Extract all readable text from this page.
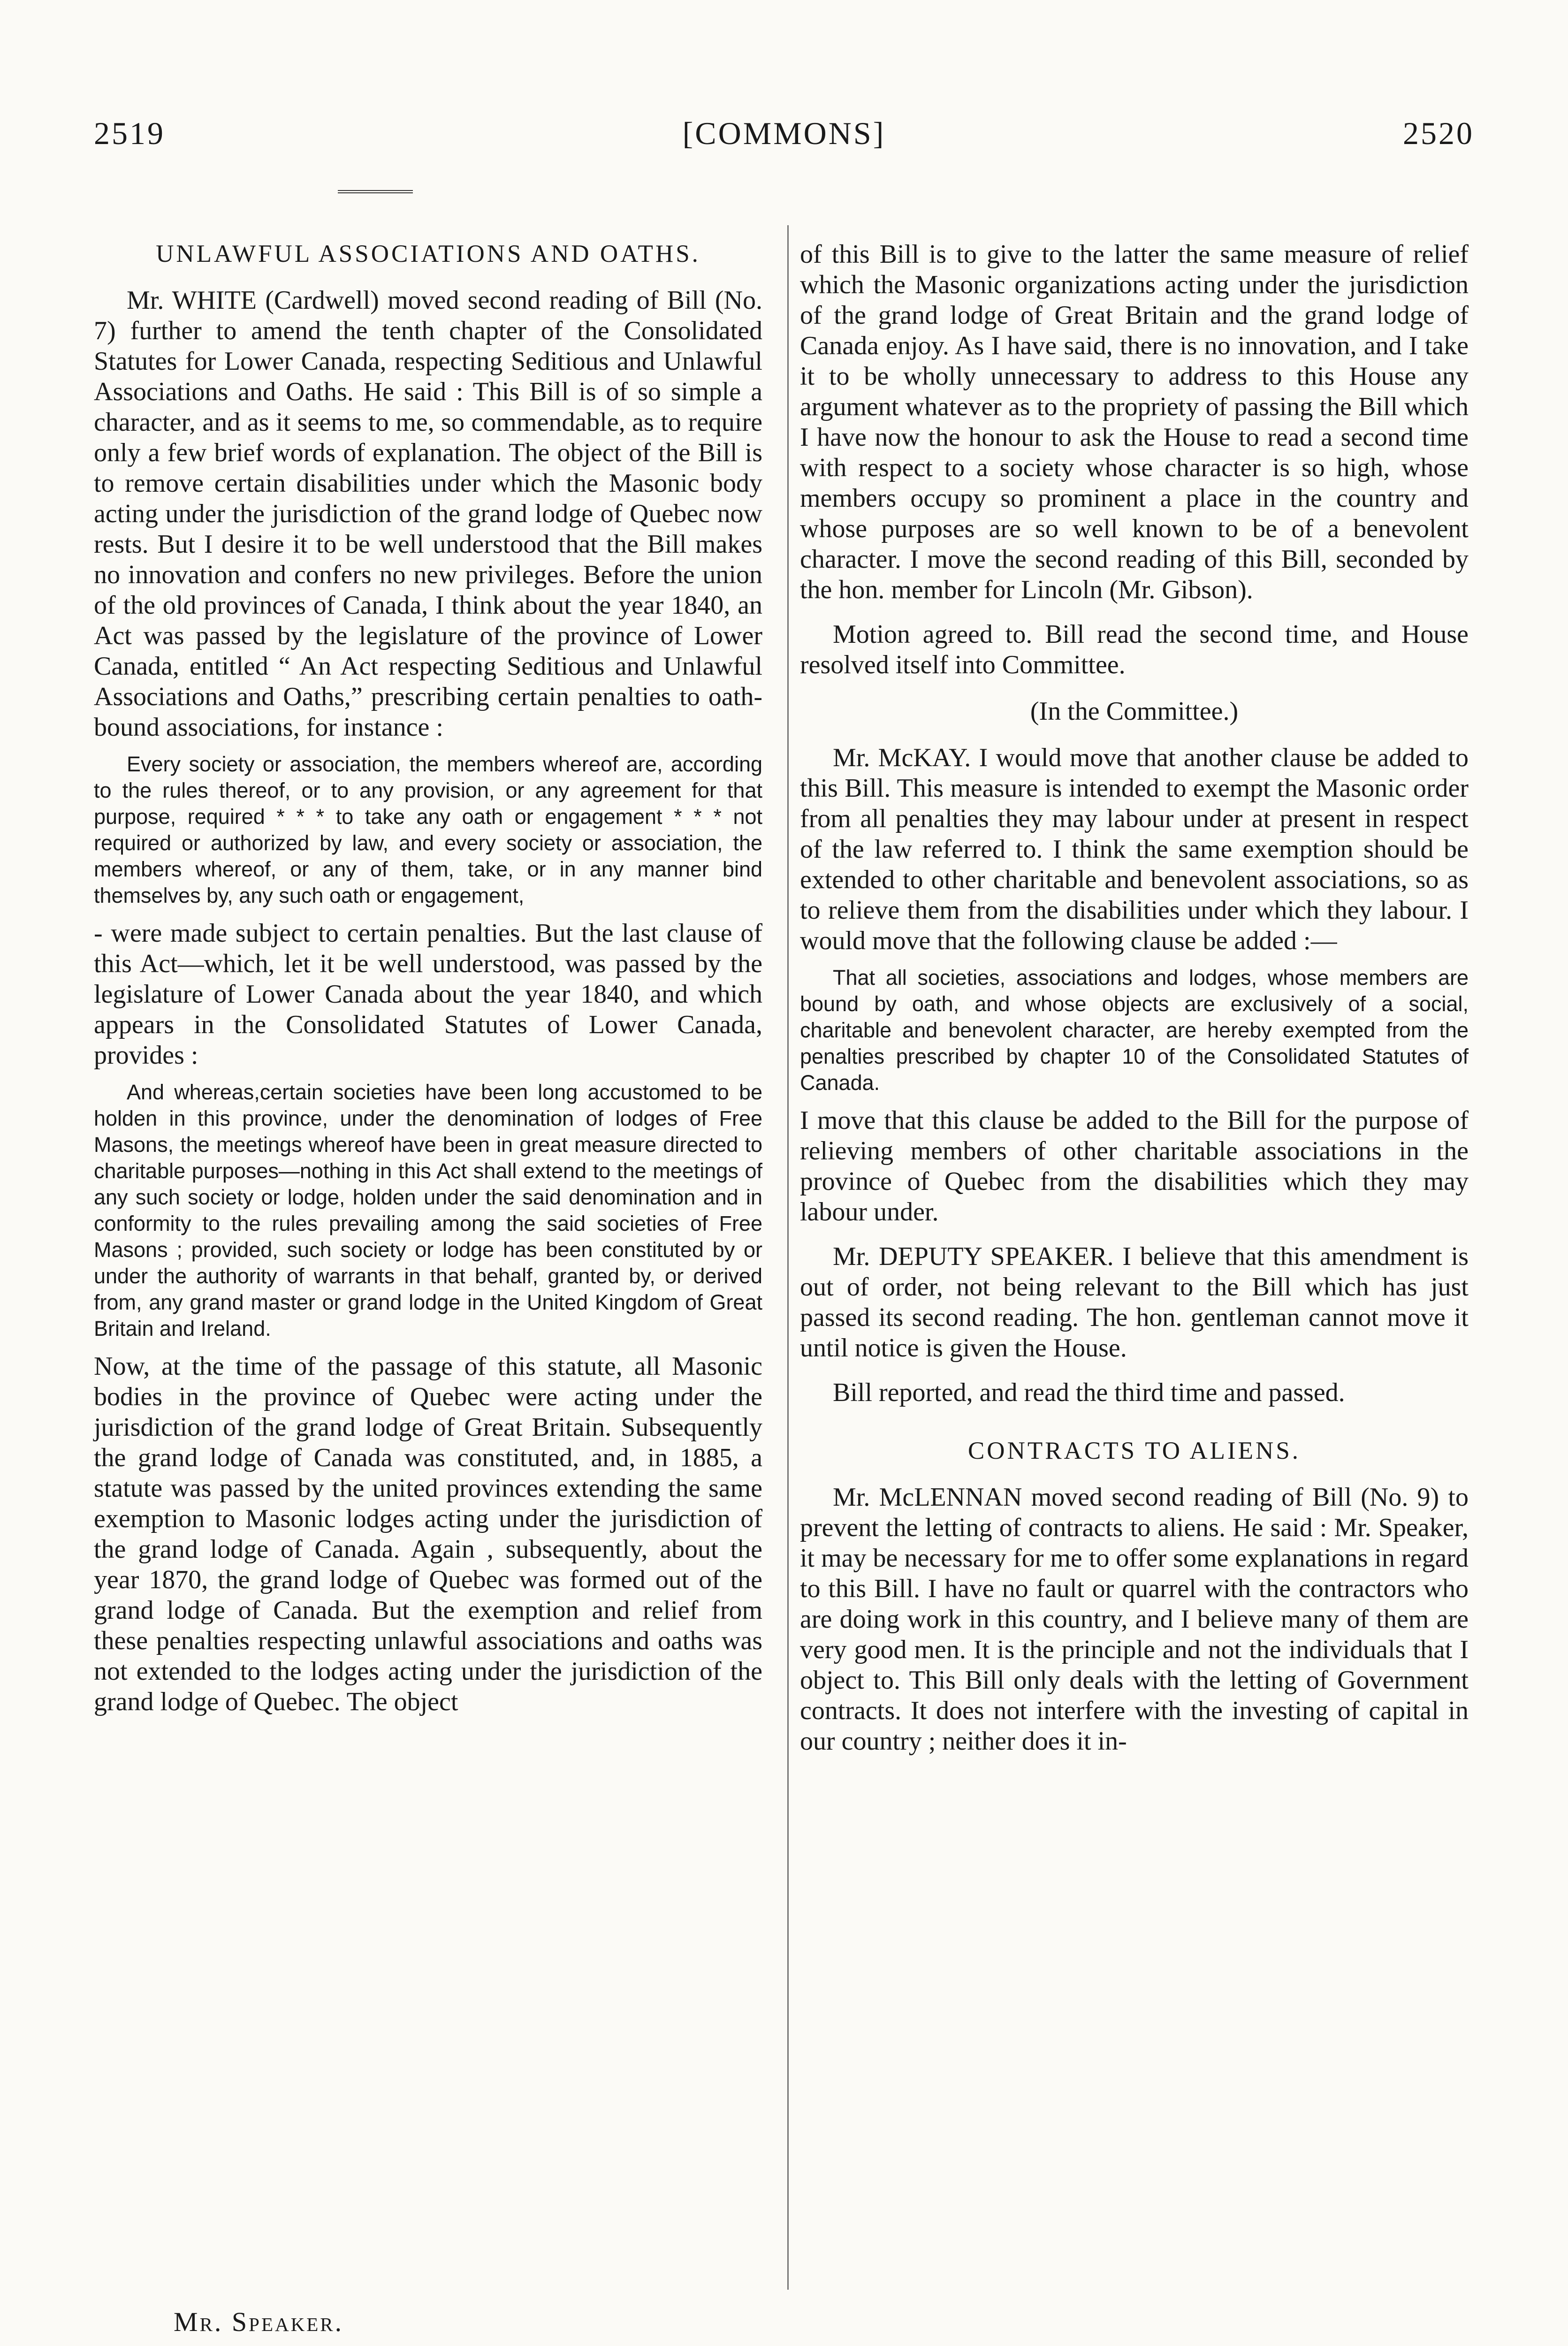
2519	[COMMONS]	2520
UNLAWFUL ASSOCIATIONS AND OATHS.

Mr. WHITE (Cardwell) moved second reading of Bill (No. 7) further to amend the tenth chapter of the Consolidated Statutes for Lower Canada, respecting Seditious and Unlawful Associations and Oaths. He said : This Bill is of so simple a character, and as it seems to me, so commendable, as to require only a few brief words of explanation. The object of the Bill is to remove certain disabilities under which the Masonic body acting under the jurisdiction of the grand lodge of Quebec now rests. But I desire it to be well understood that the Bill makes no innovation and confers no new privileges. Before the union of the old provinces of Canada, I think about the year 1840, an Act was passed by the legislature of the province of Lower Canada, entitled “ An Act respecting Seditious and Unlawful Associations and Oaths,” prescribing certain penalties to oath-bound associations, for instance :

Every society or association, the members whereof are, according to the rules thereof, or to any provision, or any agreement for that purpose, required * * * to take any oath or engagement * * * not required or authorized by law, and every society or association, the members whereof, or any of them, take, or in any manner bind themselves by, any such oath or engagement,

- were made subject to certain penalties. But the last clause of this Act—which, let it be well understood, was passed by the legislature of Lower Canada about the year 1840, and which appears in the Consolidated Statutes of Lower Canada, provides :

And whereas,certain societies have been long accustomed to be holden in this province, under the denomination of lodges of Free Masons, the meetings whereof have been in great measure directed to charitable purposes—nothing in this Act shall extend to the meetings of any such society or lodge, holden under the said denomination and in conformity to the rules prevailing among the said societies of Free Masons ; provided, such society or lodge has been constituted by or under the authority of warrants in that behalf, granted by, or derived from, any grand master or grand lodge in the United Kingdom of Great Britain and Ireland.

Now, at the time of the passage of this statute, all Masonic bodies in the province of Quebec were acting under the jurisdiction of the grand lodge of Great Britain. Subsequently the grand lodge of Canada was constituted, and, in 1885, a statute was passed by the united provinces extending the same exemption to Masonic lodges acting under the jurisdiction of the grand lodge of Canada. Again , subsequently, about the year 1870, the grand lodge of Quebec was formed out of the grand lodge of Canada. But the exemption and relief from these penalties respecting unlawful associations and oaths was not extended to the lodges acting under the jurisdiction of the grand lodge of Quebec. The object

of this Bill is to give to the latter the same measure of relief which the Masonic organizations acting under the jurisdiction of the grand lodge of Great Britain and the grand lodge of Canada enjoy. As I have said, there is no innovation, and I take it to be wholly unnecessary to address to this House any argument whatever as to the propriety of passing the Bill which I have now the honour to ask the House to read a second time with respect to a society whose character is so high, whose members occupy so prominent a place in the country and whose purposes are so well known to be of a benevolent character. I move the second reading of this Bill, seconded by the hon. member for Lincoln (Mr. Gibson).

Motion agreed to. Bill read the second time, and House resolved itself into Committee.

(In the Committee.)

Mr. McKAY. I would move that another clause be added to this Bill. This measure is intended to exempt the Masonic order from all penalties they may labour under at present in respect of the law referred to. I think the same exemption should be extended to other charitable and benevolent associations, so as to relieve them from the disabilities under which they labour. I would move that the following clause be added :—

That all societies, associations and lodges, whose members are bound by oath, and whose objects are exclusively of a social, charitable and benevolent character, are hereby exempted from the penalties prescribed by chapter 10 of the Consolidated Statutes of Canada.

I move that this clause be added to the Bill for the purpose of relieving members of other charitable associations in the province of Quebec from the disabilities which they may labour under.

Mr. DEPUTY SPEAKER. I believe that this amendment is out of order, not being relevant to the Bill which has just passed its second reading. The hon. gentleman cannot move it until notice is given the House.

Bill reported, and read the third time and passed.

CONTRACTS TO ALIENS.

Mr. McLENNAN moved second reading of Bill (No. 9) to prevent the letting of contracts to aliens. He said : Mr. Speaker, it may be necessary for me to offer some explanations in regard to this Bill. I have no fault or quarrel with the contractors who are doing work in this country, and I believe many of them are very good men. It is the principle and not the individuals that I object to. This Bill only deals with the letting of Government contracts. It does not interfere with the investing of capital in our country ; neither does it in-

Mr. Speaker.
